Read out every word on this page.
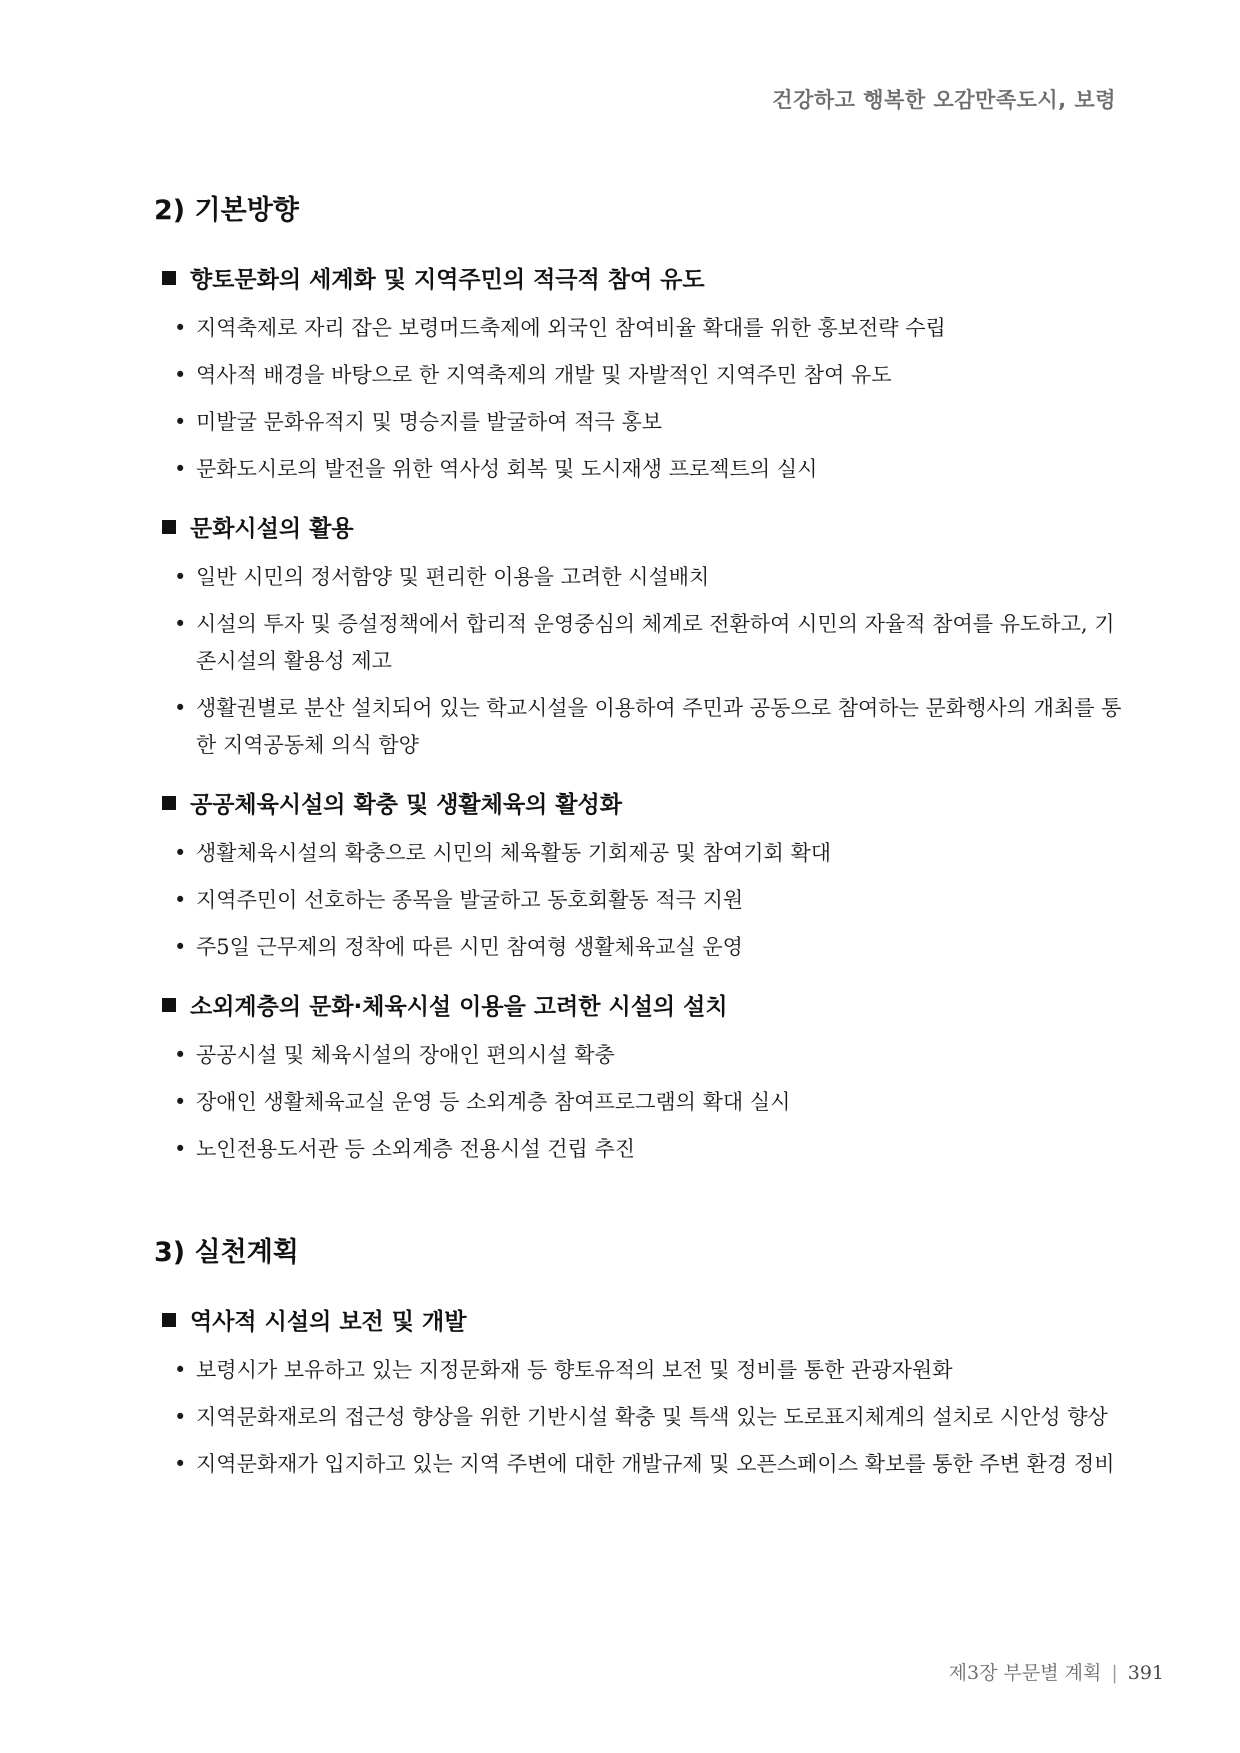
건강하고 행복한 오감만족도시, 보령
2) 기본방향
향토문화의 세계화 및 지역주민의 적극적 참여 유도
• 지역축제로 자리 잡은 보령머드축제에 외국인 참여비율 확대를 위한 홍보전략 수립
• 역사적 배경을 바탕으로 한 지역축제의 개발 및 자발적인 지역주민 참여 유도
• 미발굴 문화유적지 및 명승지를 발굴하여 적극 홍보
• 문화도시로의 발전을 위한 역사성 회복 및 도시재생 프로젝트의 실시
문화시설의 활용
• 일반 시민의 정서함양 및 편리한 이용을 고려한 시설배치
• 시설의 투자 및 증설정책에서 합리적 운영중심의 체계로 전환하여 시민의 자율적 참여를 유도하고, 기존시설의 활용성 제고
• 생활권별로 분산 설치되어 있는 학교시설을 이용하여 주민과 공동으로 참여하는 문화행사의 개최를 통한 지역공동체 의식 함양
공공체육시설의 확충 및 생활체육의 활성화
• 생활체육시설의 확충으로 시민의 체육활동 기회제공 및 참여기회 확대
• 지역주민이 선호하는 종목을 발굴하고 동호회활동 적극 지원
• 주5일 근무제의 정착에 따른 시민 참여형 생활체육교실 운영
소외계층의 문화·체육시설 이용을 고려한 시설의 설치
• 공공시설 및 체육시설의 장애인 편의시설 확충
• 장애인 생활체육교실 운영 등 소외계층 참여프로그램의 확대 실시
• 노인전용도서관 등 소외계층 전용시설 건립 추진
3) 실천계획
역사적 시설의 보전 및 개발
• 보령시가 보유하고 있는 지정문화재 등 향토유적의 보전 및 정비를 통한 관광자원화
• 지역문화재로의 접근성 향상을 위한 기반시설 확충 및 특색 있는 도로표지체계의 설치로 시안성 향상
• 지역문화재가 입지하고 있는 지역 주변에 대한 개발규제 및 오픈스페이스 확보를 통한 주변 환경 정비
제3장 부문별 계획 | 391
